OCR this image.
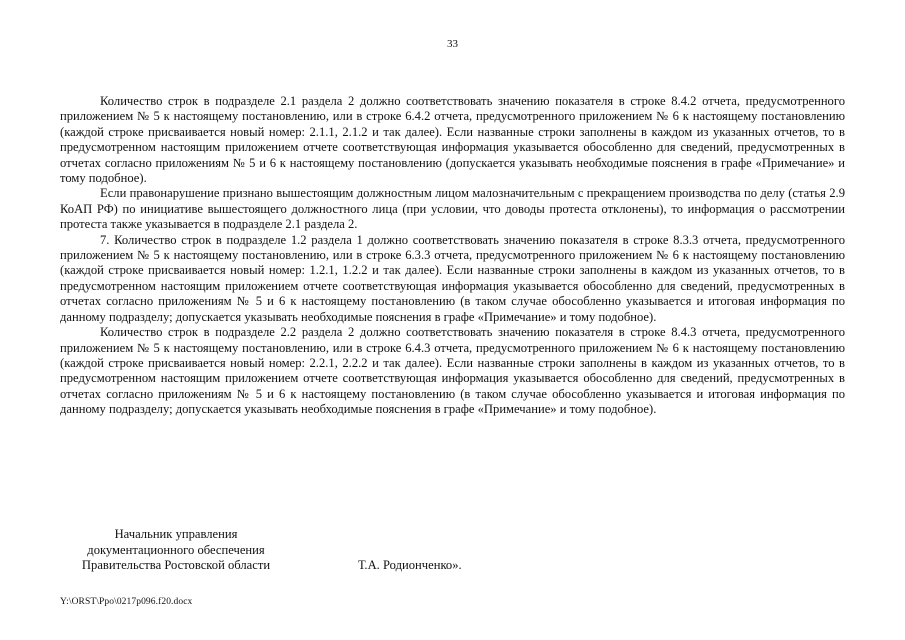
33

Количество строк в подразделе 2.1 раздела 2 должно соответствовать значению показателя в строке 8.4.2 отчета, предусмотренного приложением № 5 к настоящему постановлению, или в строке 6.4.2 отчета, предусмотренного приложением № 6 к настоящему постановлению (каждой строке присваивается новый номер: 2.1.1, 2.1.2 и так далее). Если названные строки заполнены в каждом из указанных отчетов, то в предусмотренном настоящим приложением отчете соответствующая информация указывается обособленно для сведений, предусмотренных в отчетах согласно приложениям № 5 и 6 к настоящему постановлению (допускается указывать необходимые пояснения в графе «Примечание» и тому подобное).

Если правонарушение признано вышестоящим должностным лицом малозначительным с прекращением производства по делу (статья 2.9 КоАП РФ) по инициативе вышестоящего должностного лица (при условии, что доводы протеста отклонены), то информация о рассмотрении протеста также указывается в подразделе 2.1 раздела 2.

7. Количество строк в подразделе 1.2 раздела 1 должно соответствовать значению показателя в строке 8.3.3 отчета, предусмотренного приложением № 5 к настоящему постановлению, или в строке 6.3.3 отчета, предусмотренного приложением № 6 к настоящему постановлению (каждой строке присваивается новый номер: 1.2.1, 1.2.2 и так далее). Если названные строки заполнены в каждом из указанных отчетов, то в предусмотренном настоящим приложением отчете соответствующая информация указывается обособленно для сведений, предусмотренных в отчетах согласно приложениям № 5 и 6 к настоящему постановлению (в таком случае обособленно указывается и итоговая информация по данному подразделу; допускается указывать необходимые пояснения в графе «Примечание» и тому подобное).

Количество строк в подразделе 2.2 раздела 2 должно соответствовать значению показателя в строке 8.4.3 отчета, предусмотренного приложением № 5 к настоящему постановлению, или в строке 6.4.3 отчета, предусмотренного приложением № 6 к настоящему постановлению (каждой строке присваивается новый номер: 2.2.1, 2.2.2 и так далее). Если названные строки заполнены в каждом из указанных отчетов, то в предусмотренном настоящим приложением отчете соответствующая информация указывается обособленно для сведений, предусмотренных в отчетах согласно приложениям № 5 и 6 к настоящему постановлению (в таком случае обособленно указывается и итоговая информация по данному подразделу; допускается указывать необходимые пояснения в графе «Примечание» и тому подобное).

Начальник управления
документационного обеспечения
Правительства Ростовской области	Т.А. Родионченко».
Y:\ORST\Ppo\0217p096.f20.docx
